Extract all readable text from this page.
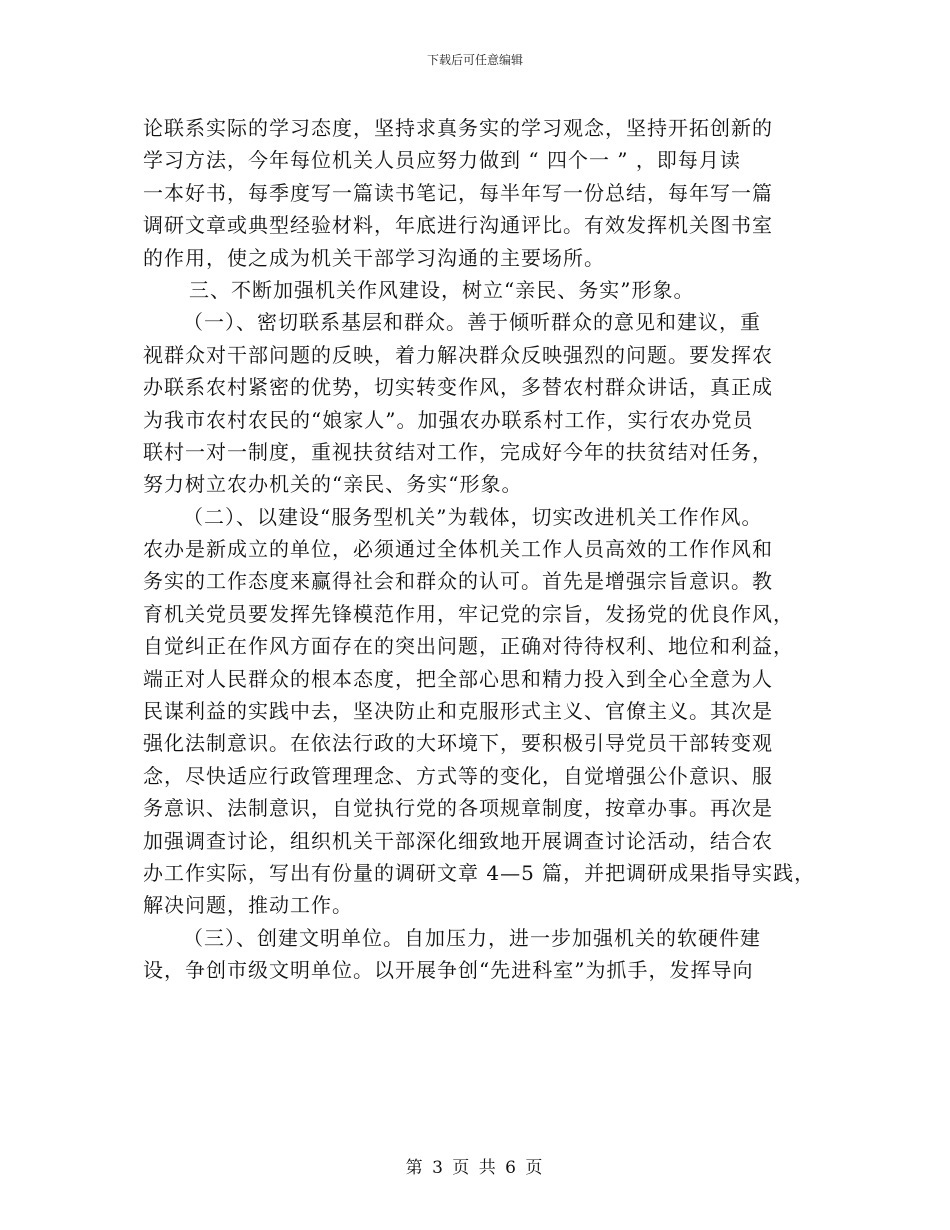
下载后可任意编辑
论联系实际的学习态度，坚持求真务实的学习观念，坚持开拓创新的
学习方法，今年每位机关人员应努力做到 “ 四个一 ” ，即每月读
一本好书，每季度写一篇读书笔记，每半年写一份总结，每年写一篇
调研文章或典型经验材料，年底进行沟通评比。有效发挥机关图书室
的作用，使之成为机关干部学习沟通的主要场所。
三、不断加强机关作风建设，树立“亲民、务实”形象。
（一）、密切联系基层和群众。善于倾听群众的意见和建议，重
视群众对干部问题的反映，着力解决群众反映强烈的问题。要发挥农
办联系农村紧密的优势，切实转变作风，多替农村群众讲话，真正成
为我市农村农民的“娘家人”。加强农办联系村工作，实行农办党员
联村一对一制度，重视扶贫结对工作，完成好今年的扶贫结对任务，
努力树立农办机关的“亲民、务实“形象。
（二）、以建设“服务型机关”为载体，切实改进机关工作作风。
农办是新成立的单位，必须通过全体机关工作人员高效的工作作风和
务实的工作态度来赢得社会和群众的认可。首先是增强宗旨意识。教
育机关党员要发挥先锋模范作用，牢记党的宗旨，发扬党的优良作风，
自觉纠正在作风方面存在的突出问题，正确对待待权利、地位和利益，
端正对人民群众的根本态度，把全部心思和精力投入到全心全意为人
民谋利益的实践中去，坚决防止和克服形式主义、官僚主义。其次是
强化法制意识。在依法行政的大环境下，要积极引导党员干部转变观
念，尽快适应行政管理理念、方式等的变化，自觉增强公仆意识、服
务意识、法制意识，自觉执行党的各项规章制度，按章办事。再次是
加强调查讨论，组织机关干部深化细致地开展调查讨论活动，结合农
办工作实际，写出有份量的调研文章 4—5 篇，并把调研成果指导实践，
解决问题，推动工作。
（三）、创建文明单位。自加压力，进一步加强机关的软硬件建
设，争创市级文明单位。以开展争创“先进科室”为抓手，发挥导向
第 3 页 共 6 页
